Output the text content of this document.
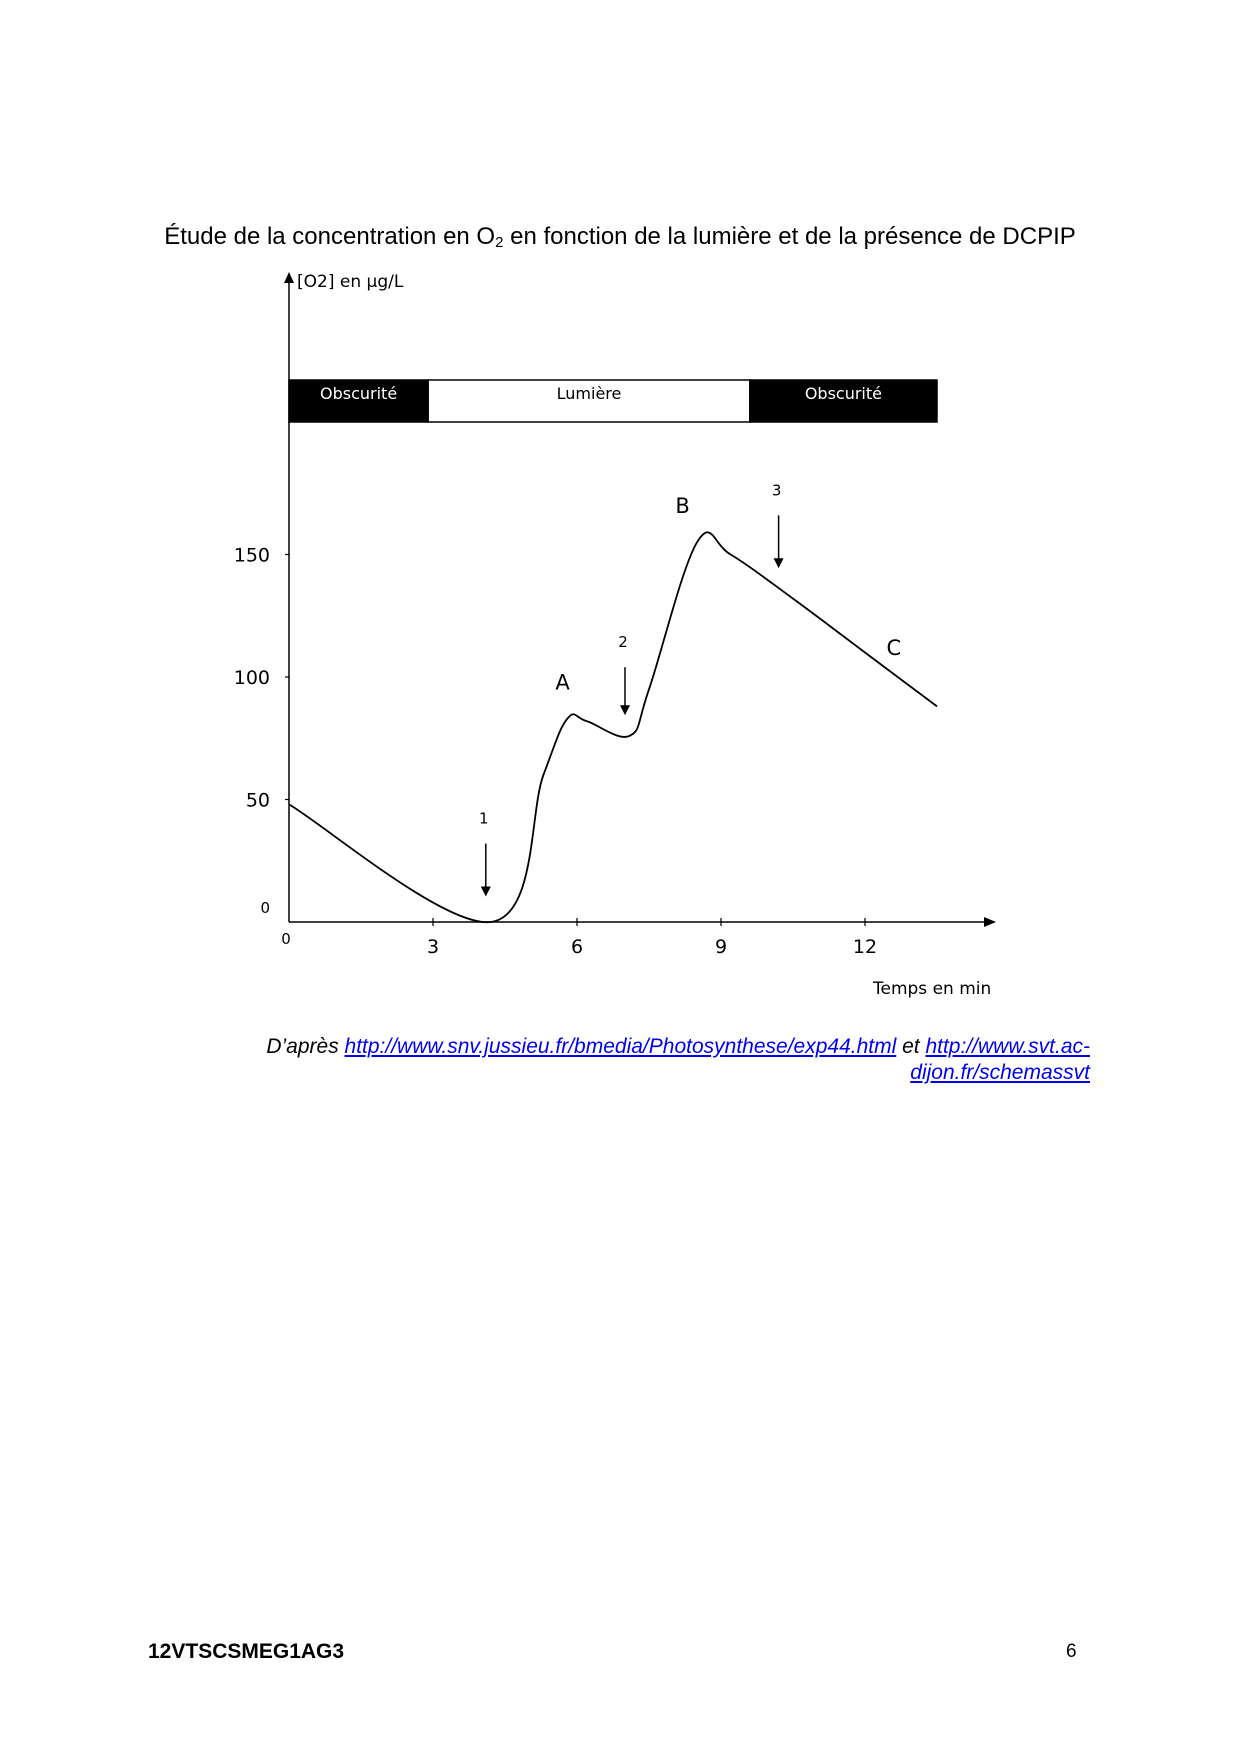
Étude de la concentration en $O_2$ en fonction de la lumière et de la présence de DCPIP
Obscurité	Lumière	Obscurité
0	3	6	9	12
0
50
100
150
A
B
C
1
2
3
[O2] en µg/L
Temps en min
D’après http://www.snv.jussieu.fr/bmedia/Photosynthese/exp44.html et http://www.svt.ac-
dijon.fr/schemassvt
12VTSCSMEG1AG3	6
